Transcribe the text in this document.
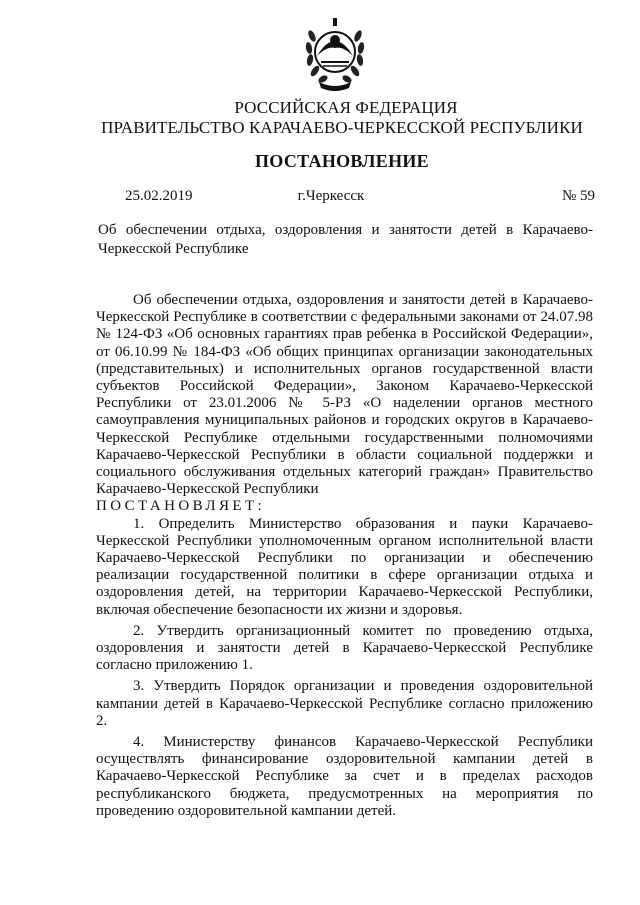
РОССИЙСКАЯ ФЕДЕРАЦИЯ
ПРАВИТЕЛЬСТВО КАРАЧАЕВО-ЧЕРКЕССКОЙ РЕСПУБЛИКИ
ПОСТАНОВЛЕНИЕ
25.02.2019	г.Черкесск	№ 59
Об обеспечении отдыха, оздоровления и занятости детей в Карачаево-Черкесской Республике

Об обеспечении отдыха, оздоровления и занятости детей в Карачаево-Черкесской Республике в соответствии с федеральными законами от 24.07.98 № 124-ФЗ «Об основных гарантиях прав ребенка в Российской Федерации», от 06.10.99 № 184-ФЗ «Об общих принципах организации законодательных (представительных) и исполнительных органов государственной власти субъектов Российской Федерации», Законом Карачаево-Черкесской Республики от 23.01.2006 № 5-РЗ «О наделении органов местного самоуправления муниципальных районов и городских округов в Карачаево-Черкесской Республике отдельными государственными полномочиями Карачаево-Черкесской Республики в области социальной поддержки и социального обслуживания отдельных категорий граждан» Правительство Карачаево-Черкесской Республики

ПОСТАНОВЛЯЕТ:

1. Определить Министерство образования и пауки Карачаево-Черкесской Республики уполномоченным органом исполнительной власти Карачаево-Черкесской Республики по организации и обеспечению реализации государственной политики в сфере организации отдыха и оздоровления детей, на территории Карачаево-Черкесской Республики, включая обеспечение безопасности их жизни и здоровья.

2. Утвердить организационный комитет по проведению отдыха, оздоровления и занятости детей в Карачаево-Черкесской Республике согласно приложению 1.

3. Утвердить Порядок организации и проведения оздоровительной кампании детей в Карачаево-Черкесской Республике согласно приложению 2.

4. Министерству финансов Карачаево-Черкесской Республики осуществлять финансирование оздоровительной кампании детей в Карачаево-Черкесской Республике за счет и в пределах расходов республиканского бюджета, предусмотренных на мероприятия по проведению оздоровительной кампании детей.
